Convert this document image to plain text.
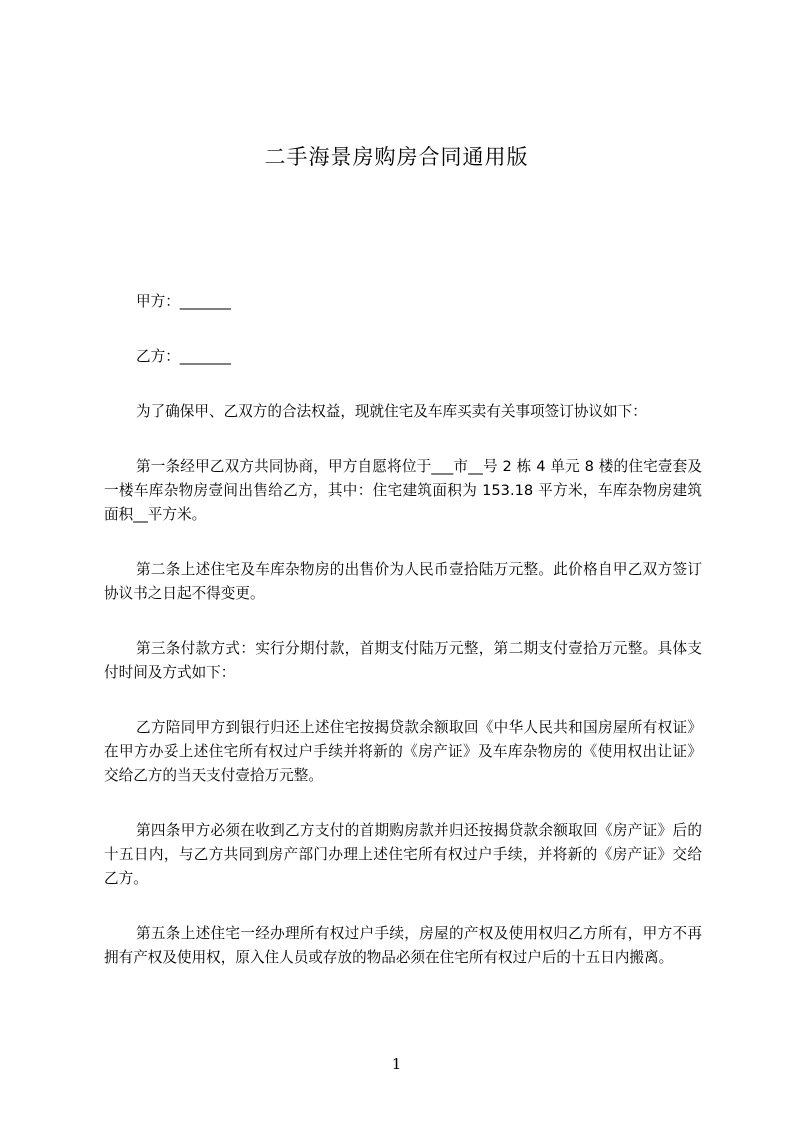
二手海景房购房合同通用版

甲方：_______

乙方：_______

为了确保甲、乙双方的合法权益，现就住宅及车库买卖有关事项签订协议如下：

第一条经甲乙双方共同协商，甲方自愿将位于___市__号 2 栋 4 单元 8 楼的住宅壹套及一楼车库杂物房壹间出售给乙方，其中：住宅建筑面积为 153.18 平方米，车库杂物房建筑面积__平方米。

第二条上述住宅及车库杂物房的出售价为人民币壹拾陆万元整。此价格自甲乙双方签订协议书之日起不得变更。

第三条付款方式：实行分期付款，首期支付陆万元整，第二期支付壹拾万元整。具体支付时间及方式如下：

乙方陪同甲方到银行归还上述住宅按揭贷款余额取回《中华人民共和国房屋所有权证》在甲方办妥上述住宅所有权过户手续并将新的《房产证》及车库杂物房的《使用权出让证》交给乙方的当天支付壹拾万元整。

第四条甲方必须在收到乙方支付的首期购房款并归还按揭贷款余额取回《房产证》后的十五日内，与乙方共同到房产部门办理上述住宅所有权过户手续，并将新的《房产证》交给乙方。

第五条上述住宅一经办理所有权过户手续，房屋的产权及使用权归乙方所有，甲方不再拥有产权及使用权，原入住人员或存放的物品必须在住宅所有权过户后的十五日内搬离。

1
